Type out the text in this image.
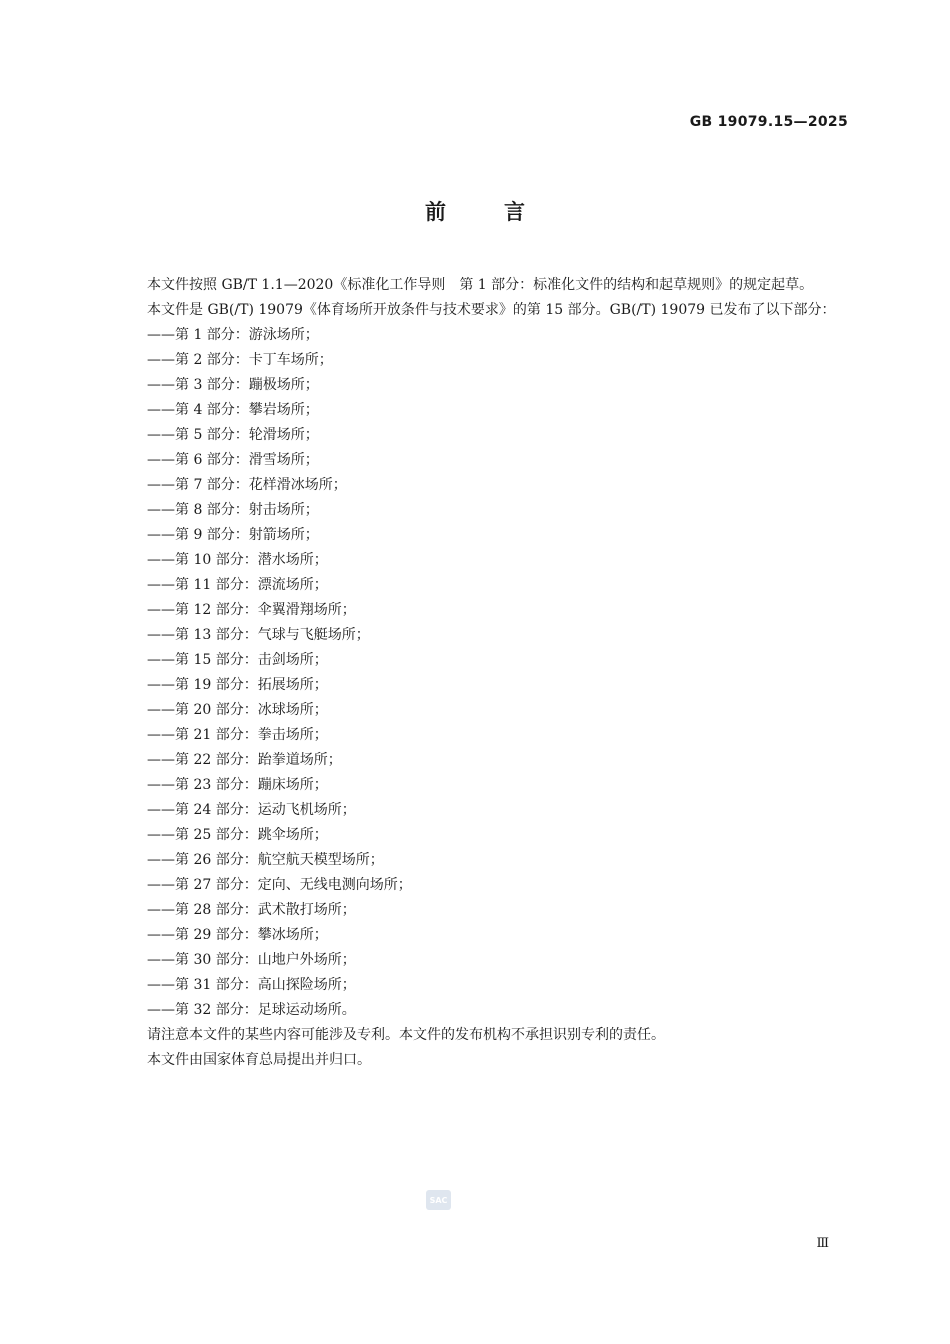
GB 19079.15—2025
前言

本文件按照 GB/T 1.1—2020《标准化工作导则　第 1 部分：标准化文件的结构和起草规则》的规定起草。

本文件是 GB(/T) 19079《体育场所开放条件与技术要求》的第 15 部分。GB(/T) 19079 已发布了以下部分：

——第 1 部分：游泳场所；

——第 2 部分：卡丁车场所；

——第 3 部分：蹦极场所；

——第 4 部分：攀岩场所；

——第 5 部分：轮滑场所；

——第 6 部分：滑雪场所；

——第 7 部分：花样滑冰场所；

——第 8 部分：射击场所；

——第 9 部分：射箭场所；

——第 10 部分：潜水场所；

——第 11 部分：漂流场所；

——第 12 部分：伞翼滑翔场所；

——第 13 部分：气球与飞艇场所；

——第 15 部分：击剑场所；

——第 19 部分：拓展场所；

——第 20 部分：冰球场所；

——第 21 部分：拳击场所；

——第 22 部分：跆拳道场所；

——第 23 部分：蹦床场所；

——第 24 部分：运动飞机场所；

——第 25 部分：跳伞场所；

——第 26 部分：航空航天模型场所；

——第 27 部分：定向、无线电测向场所；

——第 28 部分：武术散打场所；

——第 29 部分：攀冰场所；

——第 30 部分：山地户外场所；

——第 31 部分：高山探险场所；

——第 32 部分：足球运动场所。

请注意本文件的某些内容可能涉及专利。本文件的发布机构不承担识别专利的责任。

本文件由国家体育总局提出并归口。

SAC
Ⅲ
